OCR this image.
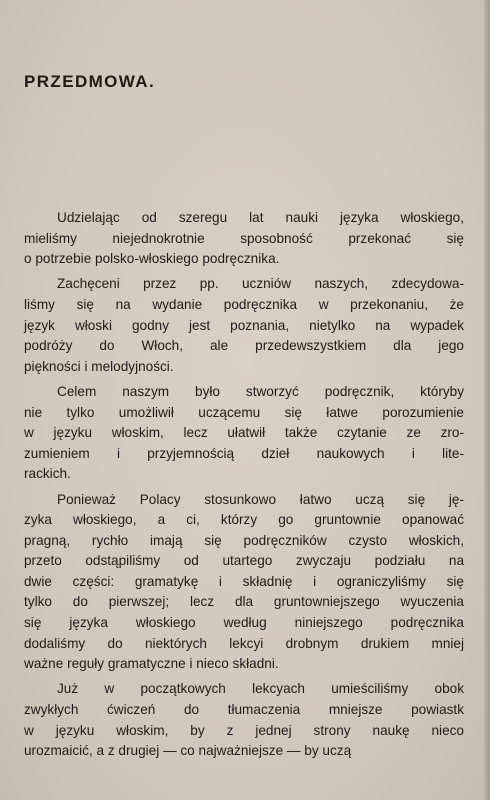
PRZEDMOWA.

Udzielając od szeregu lat nauki języka włoskiego,
mieliśmy niejednokrotnie sposobność przekonać się
o potrzebie polsko-włoskiego podręcznika.

Zachęceni przez pp. uczniów naszych, zdecydowa-
liśmy się na wydanie podręcznika w przekonaniu, że
język włoski godny jest poznania, nietylko na wypadek
podróży do Włoch, ale przedewszystkiem dla jego
piękności i melodyjności.

Celem naszym było stworzyć podręcznik, któryby
nie tylko umożliwił uczącemu się łatwe porozumienie
w języku włoskim, lecz ułatwił także czytanie ze zro-
zumieniem i przyjemnością dzieł naukowych i lite-
rackich.

Ponieważ Polacy stosunkowo łatwo uczą się ję-
zyka włoskiego, a ci, którzy go gruntownie opanować
pragną, rychło imają się podręczników czysto włoskich,
przeto odstąpiliśmy od utartego zwyczaju podziału na
dwie części: gramatykę i składnię i ograniczyliśmy się
tylko do pierwszej; lecz dla gruntowniejszego wyuczenia
się języka włoskiego według niniejszego podręcznika
dodaliśmy do niektórych lekcyi drobnym drukiem mniej
ważne reguły gramatyczne i nieco składni.

Już w początkowych lekcyach umieściliśmy obok
zwykłych ćwiczeń do tłumaczenia mniejsze powiastk
w języku włoskim, by z jednej strony naukę nieco
urozmaicić, a z drugiej — co najważniejsze — by uczą
